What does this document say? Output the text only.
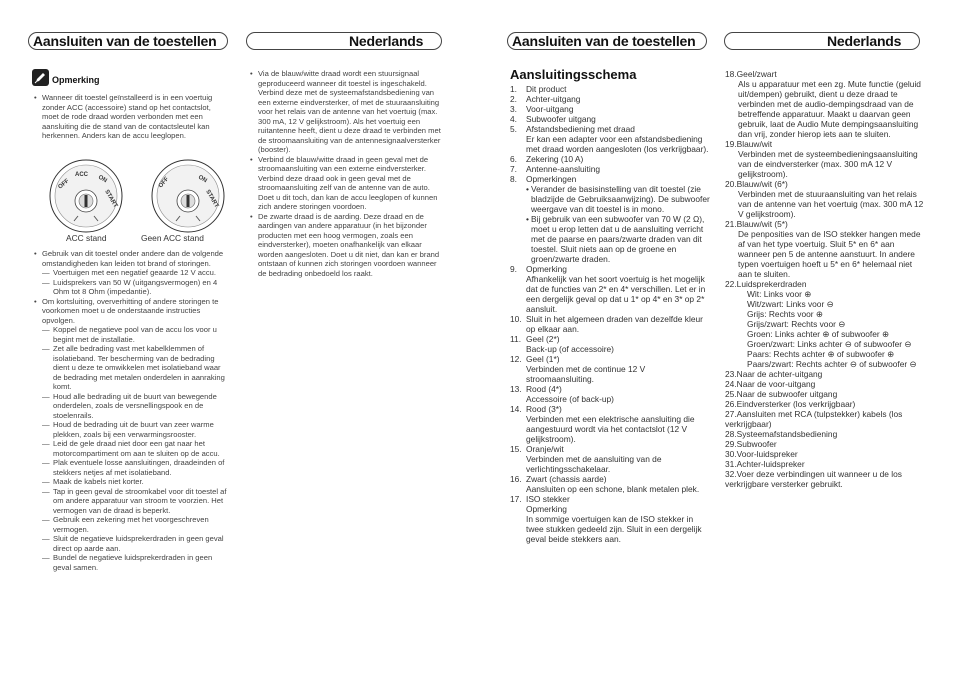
Aansluiten van de toestellen	Nederlands	Aansluiten van de toestellen	Nederlands
Opmerking

• Wanneer dit toestel geïnstalleerd is in een voertuig zonder ACC (accessoire) stand op het contactslot, moet de rode draad worden verbonden met een aansluiting die de stand van de contactsleutel kan herkennen. Anders kan de accu leeglopen.

OFF
ACC ON
START
OFF	ON
START
ACC stand	Geen ACC stand

• Gebruik van dit toestel onder andere dan de volgende omstandigheden kan leiden tot brand of storingen.

— Voertuigen met een negatief geaarde 12 V accu.

— Luidsprekers van 50 W (uitgangsvermogen) en 4 Ohm tot 8 Ohm (impedantie).

• Om kortsluiting, oververhitting of andere storingen te voorkomen moet u de onderstaande instructies opvolgen.

— Koppel de negatieve pool van de accu los voor u begint met de installatie.

— Zet alle bedrading vast met kabelklemmen of isolatieband. Ter bescherming van de bedrading dient u deze te omwikkelen met isolatieband waar de bedrading met metalen onderdelen in aanraking komt.

— Houd alle bedrading uit de buurt van bewegende onderdelen, zoals de versnellingspook en de stoelenrails.

— Houd de bedrading uit de buurt van zeer warme plekken, zoals bij een verwarmingsrooster.

— Leid de gele draad niet door een gat naar het motorcompartiment om aan te sluiten op de accu.

— Plak eventuele losse aansluitingen, draadeinden of stekkers netjes af met isolatieband.

— Maak de kabels niet korter.

— Tap in geen geval de stroomkabel voor dit toestel af om andere apparatuur van stroom te voorzien. Het vermogen van de draad is beperkt.

— Gebruik een zekering met het voorgeschreven vermogen.

— Sluit de negatieve luidsprekerdraden in geen geval direct op aarde aan.

— Bundel de negatieve luidsprekerdraden in geen geval samen.

• Via de blauw/witte draad wordt een stuursignaal geproduceerd wanneer dit toestel is ingeschakeld. Verbind deze met de systeemafstandsbediening van een externe eindversterker, of met de stuuraansluiting voor het relais van de antenne van het voertuig (max. 300 mA, 12 V gelijkstroom). Als het voertuig een ruitantenne heeft, dient u deze draad te verbinden met de stroomaansluiting van de antennesignaalversterker (booster).

• Verbind de blauw/witte draad in geen geval met de stroomaansluiting van een externe eindversterker. Verbind deze draad ook in geen geval met de stroomaansluiting zelf van de antenne van de auto. Doet u dit toch, dan kan de accu leeglopen of kunnen zich andere storingen voordoen.

• De zwarte draad is de aarding. Deze draad en de aardingen van andere apparatuur (in het bijzonder producten met een hoog vermogen, zoals een eindversterker), moeten onafhankelijk van elkaar worden aangesloten. Doet u dit niet, dan kan er brand ontstaan of kunnen zich storingen voordoen wanneer de bedrading onbedoeld los raakt.

Aansluitingsschema
1. Dit product
2. Achter-uitgang
3. Voor-uitgang
4. Subwoofer uitgang
5. Afstandsbediening met draad
Er kan een adapter voor een afstandsbediening met draad worden aangesloten (los verkrijgbaar).
6. Zekering (10 A)
7. Antenne-aansluiting
8. Opmerkingen
• Verander de basisinstelling van dit toestel (zie bladzijde de Gebruiksaanwijzing). De subwoofer weergave van dit toestel is in mono.
• Bij gebruik van een subwoofer van 70 W (2 Ω), moet u erop letten dat u de aansluiting verricht met de paarse en paars/zwarte draden van dit toestel. Sluit niets aan op de groene en groen/zwarte draden.
9. Opmerking
Afhankelijk van het soort voertuig is het mogelijk dat de functies van 2* en 4* verschillen. Let er in een dergelijk geval op dat u 1* op 4* en 3* op 2* aansluit.
10. Sluit in het algemeen draden van dezelfde kleur op elkaar aan.
11. Geel (2*)
Back-up (of accessoire)
12. Geel (1*)
Verbinden met de continue 12 V stroomaansluiting.
13. Rood (4*)
Accessoire (of back-up)
14. Rood (3*)
Verbinden met een elektrische aansluiting die aangestuurd wordt via het contactslot (12 V gelijkstroom).
15. Oranje/wit
Verbinden met de aansluiting van de verlichtingsschakelaar.
16. Zwart (chassis aarde)
Aansluiten op een schone, blank metalen plek.
17. ISO stekker
Opmerking
In sommige voertuigen kan de ISO stekker in twee stukken gedeeld zijn. Sluit in een dergelijk geval beide stekkers aan.
18.Geel/zwart
Als u apparatuur met een zg. Mute functie (geluid uit/dempen) gebruikt, dient u deze draad te verbinden met de audio-dempingsdraad van de betreffende apparatuur. Maakt u daarvan geen gebruik, laat de Audio Mute dempingsaansluiting dan vrij, zonder hierop iets aan te sluiten.
19.Blauw/wit
Verbinden met de systeembedieningsaansluiting van de eindversterker (max. 300 mA 12 V gelijkstroom).
20.Blauw/wit (6*)
Verbinden met de stuuraansluiting van het relais van de antenne van het voertuig (max. 300 mA 12 V gelijkstroom).
21.Blauw/wit (5*)
De penposities van de ISO stekker hangen mede af van het type voertuig. Sluit 5* en 6* aan wanneer pen 5 de antenne aanstuurt. In andere typen voertuigen hoeft u 5* en 6* helemaal niet aan te sluiten.
22.Luidsprekerdraden
Wit: Links voor ⊕
Wit/zwart: Links voor ⊖
Grijs: Rechts voor ⊕
Grijs/zwart: Rechts voor ⊖
Groen: Links achter ⊕ of subwoofer ⊕
Groen/zwart: Links achter ⊖ of subwoofer ⊖
Paars: Rechts achter ⊕ of subwoofer ⊕
Paars/zwart: Rechts achter ⊖ of subwoofer ⊖
23.Naar de achter-uitgang
24.Naar de voor-uitgang
25.Naar de subwoofer uitgang
26.Eindversterker (los verkrijgbaar)
27.Aansluiten met RCA (tulpstekker) kabels (los verkrijgbaar)
28.Systeemafstandsbediening
29.Subwoofer
30.Voor-luidspreker
31.Achter-luidspreker
32.Voer deze verbindingen uit wanneer u de los verkrijgbare versterker gebruikt.
